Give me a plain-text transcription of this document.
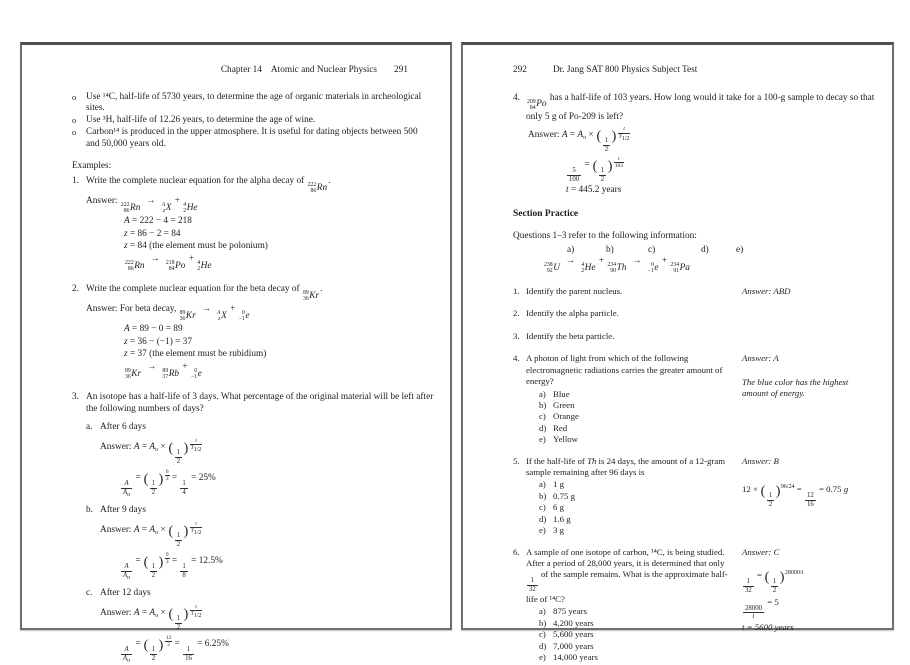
Chapter 14 Atomic and Nuclear Physics 291
o	Use ¹⁴C, half-life of 5730 years, to determine the age of organic materials in archeological sites.
o	Use ³H, half-life of 12.26 years, to determine the age of wine.
o	Carbon¹⁴ is produced in the upper atmosphere. It is useful for dating objects between 500 and 50,000 years old.
Examples:
1. Write the complete nuclear equation for the alpha decay of 222
86 Rn
.
Answer: 222
86 Rn
→ A
z X
+ 4
2 He
A = 222 − 4 = 218
z = 86 − 2 = 84
z = 84 (the element must be polonium)
222
86 Rn
→ 218
84 Po
+ 4
2 He
2. Write the complete nuclear equation for the beta decay of 89
36 Kr
.
Answer: For beta decay, 89
36 Kr
→ A
z X
+ 0
−1 e
A = 89 − 0 = 89
z = 36 − (−1) = 37
z = 37 (the element must be rubidium)
89
36 Kr
→ 89
37 Rb
+ 0
−1 e
3. An isotope has a half-life of 3 days. What percentage of the original material will be left after the following numbers of days?
a. After 6 days
Answer: $A = A_o$ × (
$\frac{1}{2}$
) $\frac{t}{T1/2}$
$\frac{A}{Ao}$
= (
$\frac{1}{2}$
) $\frac{6}{3}$ =
$\frac{1}{4}$
= 25%
b. After 9 days
Answer: $A = A_o$ × (
$\frac{1}{2}$
) $\frac{t}{T1/2}$
$\frac{A}{Ao}$
= (
$\frac{1}{2}$
) $\frac{9}{3}$ =
$\frac{1}{8}$
= 12.5%
c. After 12 days
Answer: $A = A_o$ × (
$\frac{1}{2}$
) $\frac{t}{T1/2}$
$\frac{A}{Ao}$
= (
$\frac{1}{2}$
) $\frac{12}{3}$ =
$\frac{1}{16}$
= 6.25%
292	Dr. Jang SAT 800 Physics Subject Test
4.	209
84 Po
has a half-life of 103 years. How long would it take for a 100-g sample to decay so that only 5 g of Po-209 is left?
Answer: $A = A_o$ × (
$\frac{1}{2}$
) $\frac{t}{T1/2}$
$\frac{5}{100}$
= (
$\frac{1}{2}$
) $\frac{t}{103}$
t = 445.2 years
Section Practice
Questions 1–3 refer to the following information:
a)	b)	c)	d)	e)
238
92 U
→ 4
2 He
+ 234
90 Th
→ 0
−1 e
+ 234
91 Pa
1. Identify the parent nucleus.	Answer: ABD
2. Identify the alpha particle.
3. Identify the beta particle.
4. A photon of light from which of the following electromagnetic radiations carries the greater amount of energy?
a) Blue
b) Green
c) Orange
d) Red
e) Yellow
Answer: A
The blue color has the highest amount of energy.
5. If the half-life of Th is 24 days, the amount of a 12-gram sample remaining after 96 days is
a) 1 g
b) 0.75 g
c) 6 g
d) 1.6 g
e) 3 g
Answer: B
12 × (
$\frac{1}{2}$
)$^{96/24}$ =
$\frac{12}{16}$
= 0.75 g
6. A sample of one isotope of carbon, ¹⁴C, is being studied. After a period of 28,000 years, it is determined that only
$\frac{1}{32}$
of the sample remains. What is the approximate half-life of ¹⁴C?
a) 875 years
b) 4,200 years
c) 5,600 years
d) 7,000 years
e) 14,000 years
Answer: C
$\frac{1}{32}$
= (
$\frac{1}{2}$
)$^{28000/t}$
$\frac{28000}{t}$
= 5
t = 5600 years
